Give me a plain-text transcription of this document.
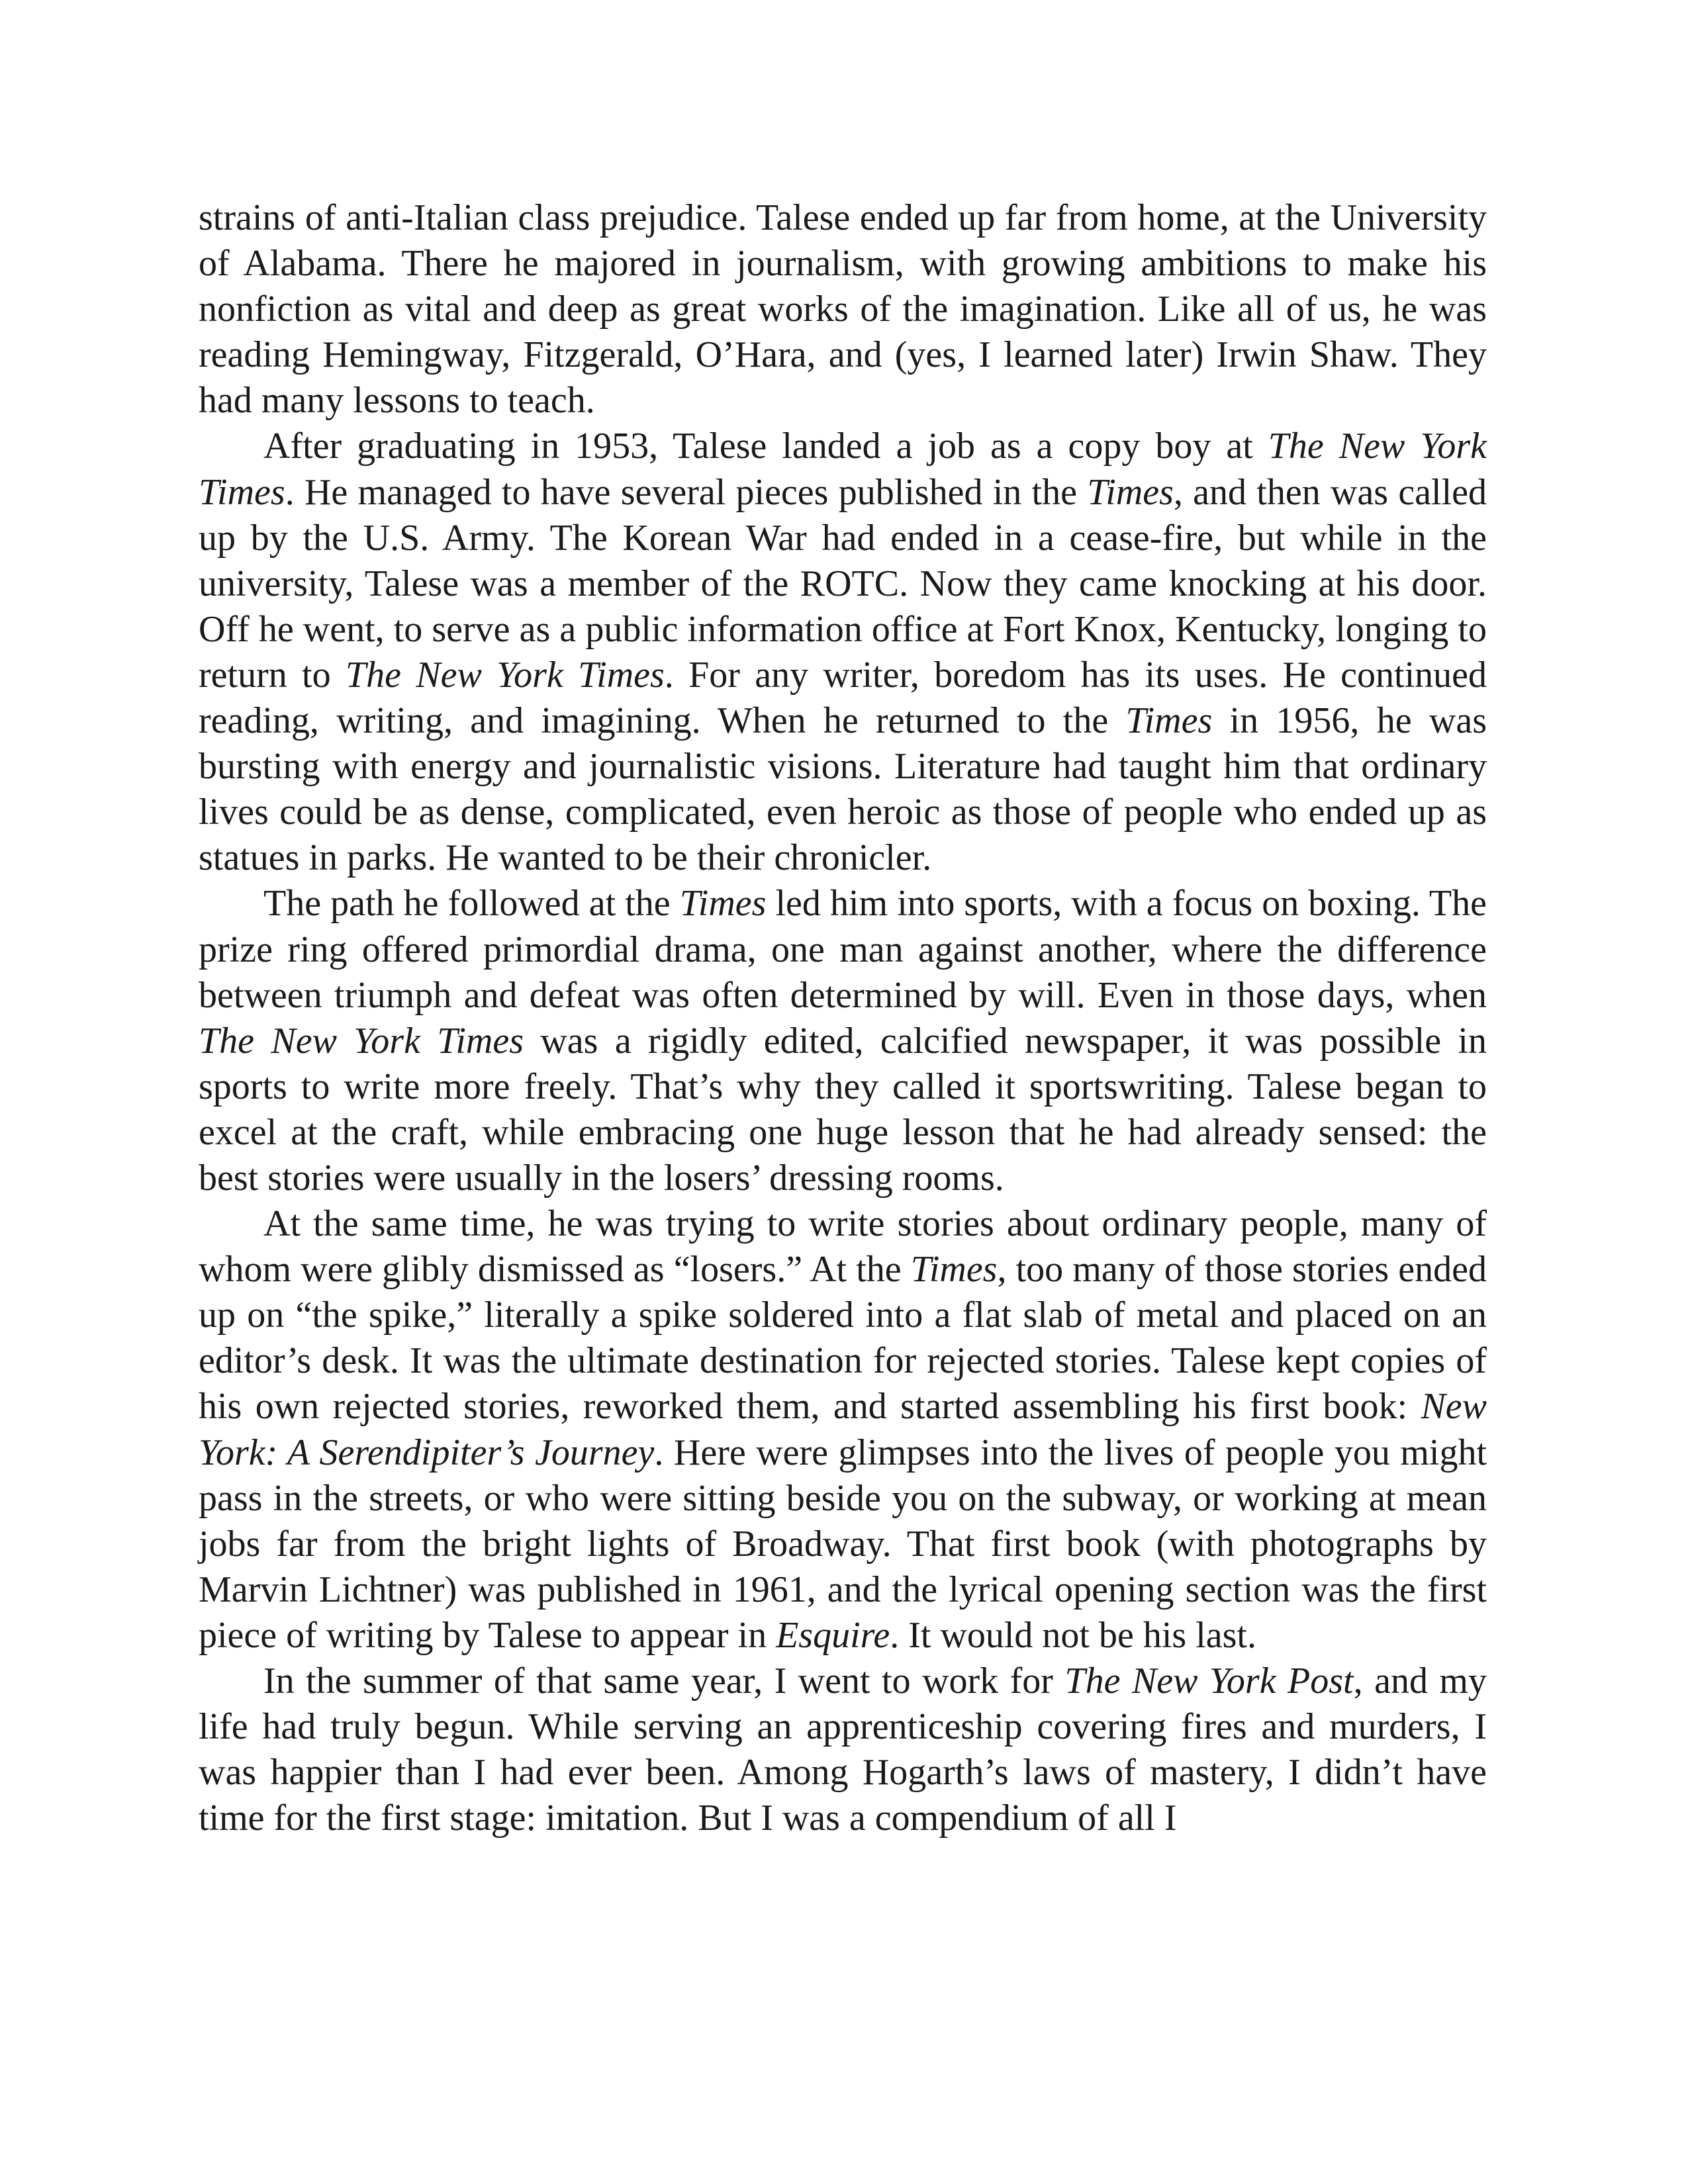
strains of anti-Italian class prejudice. Talese ended up far from home, at the University of Alabama. There he majored in journalism, with growing ambitions to make his nonfiction as vital and deep as great works of the imagination. Like all of us, he was reading Hemingway, Fitzgerald, O’Hara, and (yes, I learned later) Irwin Shaw. They had many lessons to teach.

After graduating in 1953, Talese landed a job as a copy boy at The New York Times. He managed to have several pieces published in the Times, and then was called up by the U.S. Army. The Korean War had ended in a cease-fire, but while in the university, Talese was a member of the ROTC. Now they came knocking at his door. Off he went, to serve as a public information office at Fort Knox, Kentucky, longing to return to The New York Times. For any writer, boredom has its uses. He continued reading, writing, and imagining. When he returned to the Times in 1956, he was bursting with energy and journalistic visions. Literature had taught him that ordinary lives could be as dense, complicated, even heroic as those of people who ended up as statues in parks. He wanted to be their chronicler.

The path he followed at the Times led him into sports, with a focus on boxing. The prize ring offered primordial drama, one man against another, where the difference between triumph and defeat was often determined by will. Even in those days, when The New York Times was a rigidly edited, calcified newspaper, it was possible in sports to write more freely. That’s why they called it sportswriting. Talese began to excel at the craft, while embracing one huge lesson that he had already sensed: the best stories were usually in the losers’ dressing rooms.

At the same time, he was trying to write stories about ordinary people, many of whom were glibly dismissed as “losers.” At the Times, too many of those stories ended up on “the spike,” literally a spike soldered into a flat slab of metal and placed on an editor’s desk. It was the ultimate destination for rejected stories. Talese kept copies of his own rejected stories, reworked them, and started assembling his first book: New York: A Serendipiter’s Journey. Here were glimpses into the lives of people you might pass in the streets, or who were sitting beside you on the subway, or working at mean jobs far from the bright lights of Broadway. That first book (with photographs by Marvin Lichtner) was published in 1961, and the lyrical opening section was the first piece of writing by Talese to appear in Esquire. It would not be his last.

In the summer of that same year, I went to work for The New York Post, and my life had truly begun. While serving an apprenticeship covering fires and murders, I was happier than I had ever been. Among Hogarth’s laws of mastery, I didn’t have time for the first stage: imitation. But I was a compendium of all I
